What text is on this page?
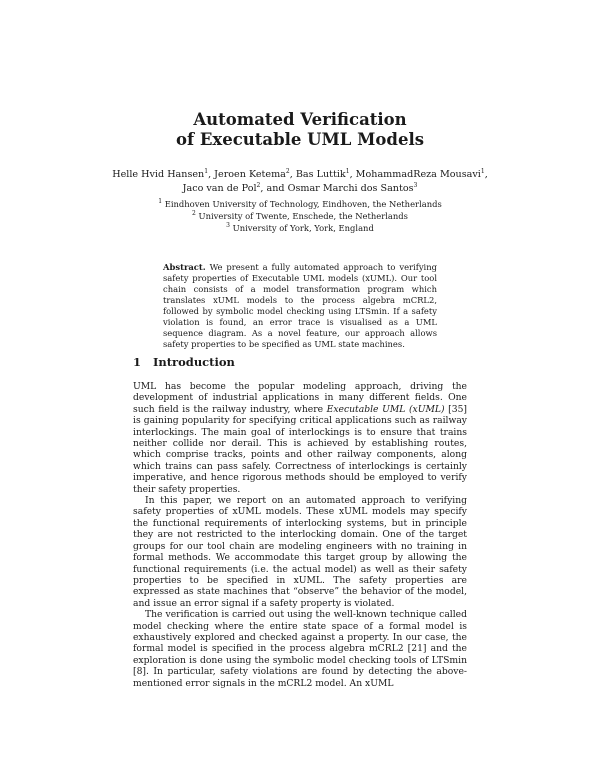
Automated Verification
of Executable UML Models
Helle Hvid Hansen$^1$, Jeroen Ketema$^2$, Bas Luttik$^1$, MohammadReza Mousavi$^1$,
Jaco van de Pol$^2$, and Osmar Marchi dos Santos$^3$
$^1$ Eindhoven University of Technology, Eindhoven, the Netherlands
$^2$ University of Twente, Enschede, the Netherlands
$^3$ University of York, York, England
Abstract. We present a fully automated approach to verifying safety properties of Executable UML models (xUML). Our tool chain consists of a model transformation program which translates xUML models to the process algebra mCRL2, followed by symbolic model checking using LTSmin. If a safety violation is found, an error trace is visualised as a UML sequence diagram. As a novel feature, our approach allows safety properties to be specified as UML state machines.
1 Introduction

UML has become the popular modeling approach, driving the development of industrial applications in many different fields. One such field is the railway industry, where Executable UML (xUML) [35] is gaining popularity for specifying critical applications such as railway interlockings. The main goal of interlockings is to ensure that trains neither collide nor derail. This is achieved by establishing routes, which comprise tracks, points and other railway components, along which trains can pass safely. Correctness of interlockings is certainly imperative, and hence rigorous methods should be employed to verify their safety properties.

In this paper, we report on an automated approach to verifying safety properties of xUML models. These xUML models may specify the functional requirements of interlocking systems, but in principle they are not restricted to the interlocking domain. One of the target groups for our tool chain are modeling engineers with no training in formal methods. We accommodate this target group by allowing the functional requirements (i.e. the actual model) as well as their safety properties to be specified in xUML. The safety properties are expressed as state machines that “observe” the behavior of the model, and issue an error signal if a safety property is violated.

The verification is carried out using the well-known technique called model checking where the entire state space of a formal model is exhaustively explored and checked against a property. In our case, the formal model is specified in the process algebra mCRL2 [21] and the exploration is done using the symbolic model checking tools of LTSmin [8]. In particular, safety violations are found by detecting the above-mentioned error signals in the mCRL2 model. An xUML
